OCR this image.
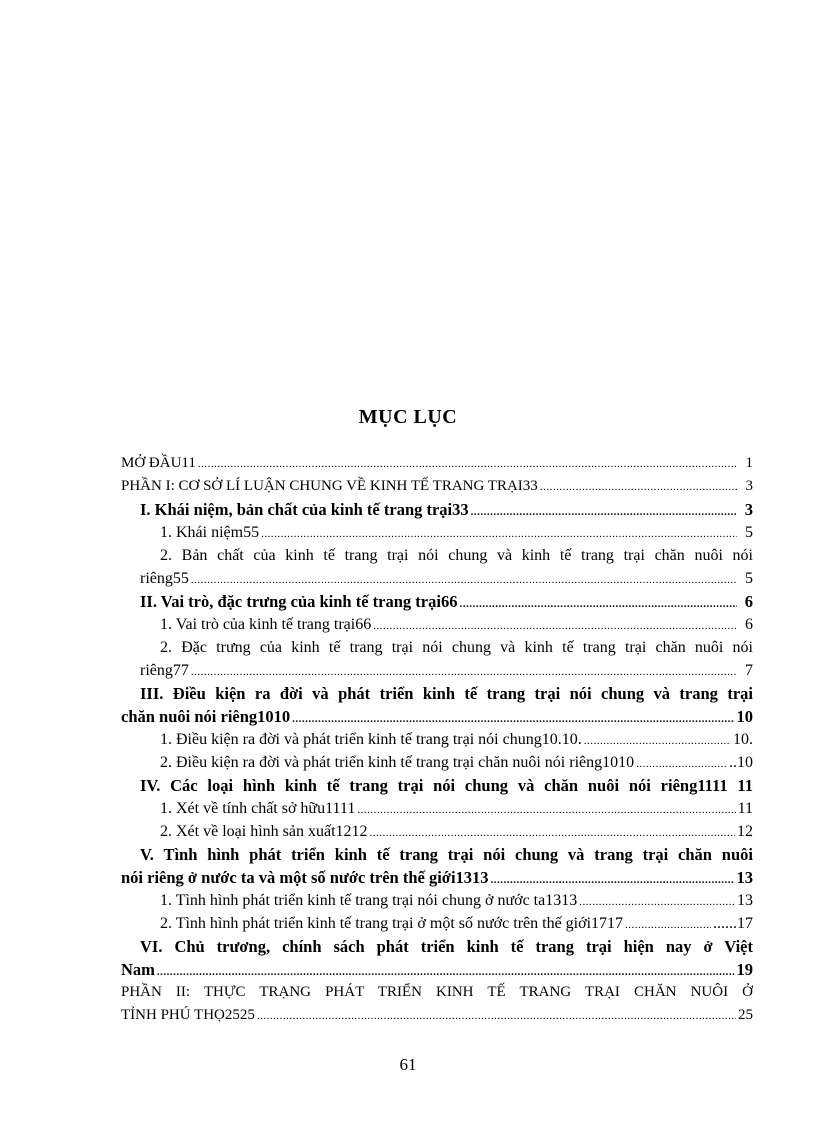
MỤC LỤC
MỞ ĐẦU11 .....	1
PHẦN I: CƠ SỞ LÍ LUẬN CHUNG VỀ KINH TẾ TRANG TRẠI33 .....	3
I. Khái niệm, bản chất của kinh tế trang trại33 .....	3
1. Khái niệm55 .....	5
2. Bản chất của kinh tế trang trại nói chung và kinh tế trang trại chăn nuôi nói
riêng55 .....	5
II. Vai trò, đặc trưng của kinh tế trang trại66 .....	6
1. Vai trò của kinh tế trang trại66 .....	6
2. Đặc trưng của kinh tế trang trại nói chung và kinh tế trang trại chăn nuôi nói
riêng77 .....	7
III. Điều kiện ra đời và phát triển kinh tế trang trại nói chung và trang trại
chăn nuôi nói riêng1010 .....	10
1. Điều kiện ra đời và phát triển kinh tế trang trại nói chung10.10. .....	10.
2. Điều kiện ra đời và phát triển kinh tế trang trại chăn nuôi nói riêng1010 .....	..10
IV. Các loại hình kinh tế trang trại nói chung và chăn nuôi nói riêng1111 11
1. Xét về tính chất sở hữu1111 .....	11
2. Xét về loại hình sản xuất1212 .....	12
V. Tình hình phát triển kinh tế trang trại nói chung và trang trại chăn nuôi
nói riêng ở nước ta và một số nước trên thế giới1313 .....	13
1. Tình hình phát triển kinh tế trang trại nói chung ở nước ta1313 .....	13
2. Tình hình phát triển kinh tế trang trại ở một số nước trên thế giới1717 .....	......17
VI. Chủ trương, chính sách phát triển kinh tế trang trại hiện nay ở Việt
Nam .....	19
PHẦN II: THỰC TRẠNG PHÁT TRIỂN KINH TẾ TRANG TRẠI CHĂN NUÔI Ở
TỈNH PHÚ THỌ2525 .....	25
61
